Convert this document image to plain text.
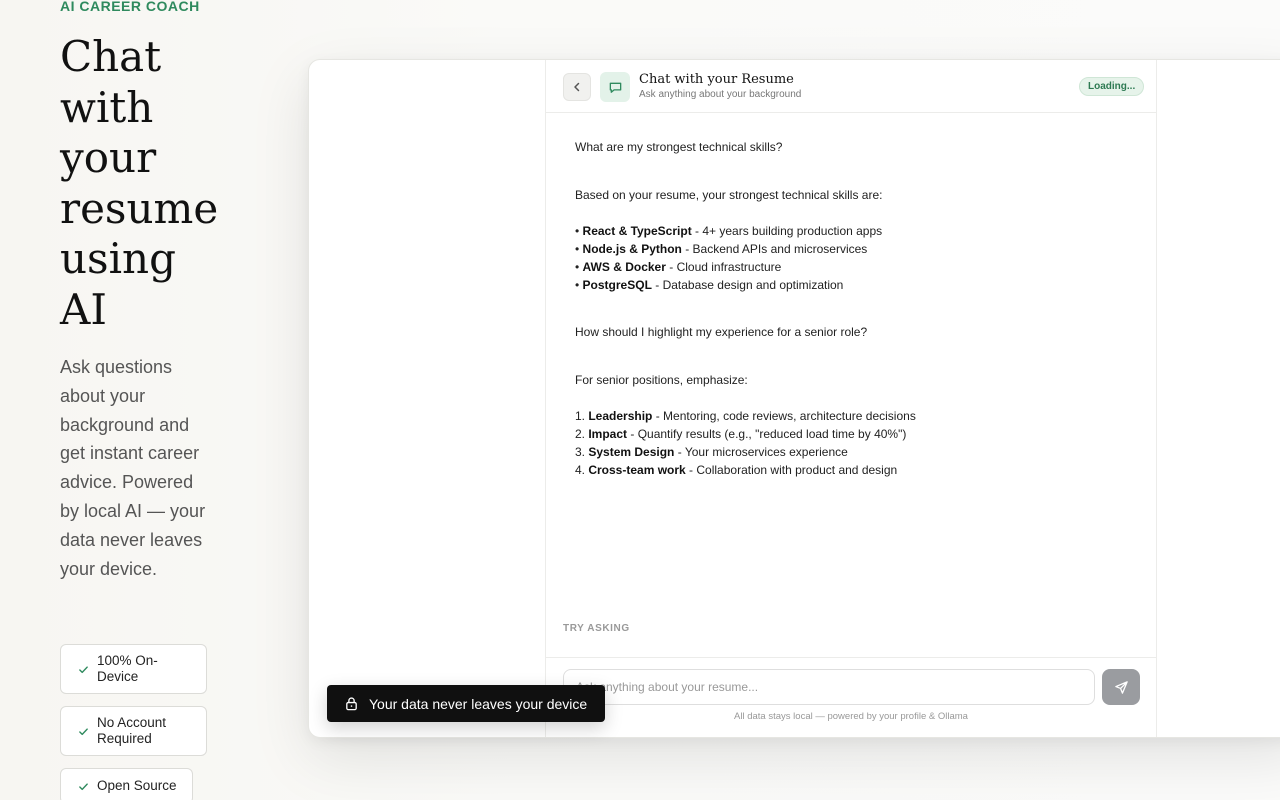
AI CAREER COACH
Chat with your resume using AI

Ask questions about your background and get instant career advice. Powered by local AI — your data never leaves your device.

100% On-Device
No Account Required
Open Source
Chat with your Resume
Ask anything about your background
Loading...
What are my strongest technical skills?
Based on your resume, your strongest technical skills are:
• React & TypeScript - 4+ years building production apps
• Node.js & Python - Backend APIs and microservices
• AWS & Docker - Cloud infrastructure
• PostgreSQL - Database design and optimization
How should I highlight my experience for a senior role?
For senior positions, emphasize:
1. Leadership - Mentoring, code reviews, architecture decisions
2. Impact - Quantify results (e.g., "reduced load time by 40%")
3. System Design - Your microservices experience
4. Cross-team work - Collaboration with product and design
TRY ASKING
Ask anything about your resume...
All data stays local — powered by your profile & Ollama
Your data never leaves your device
